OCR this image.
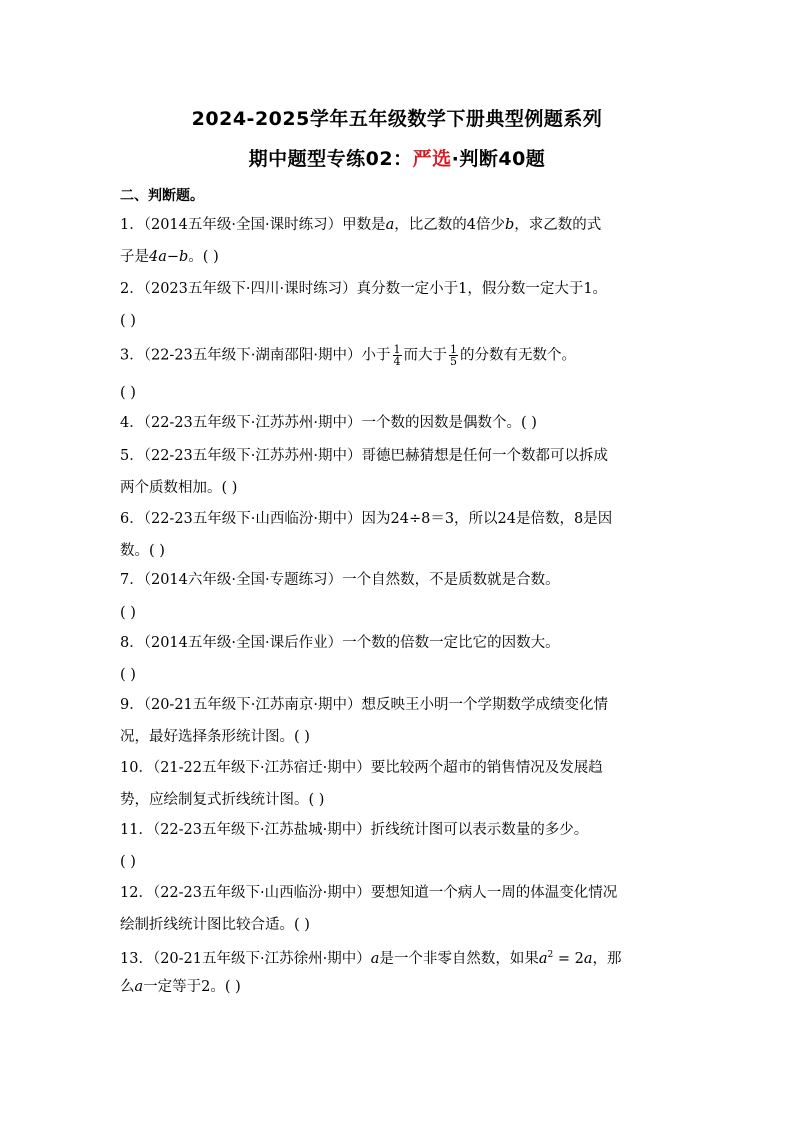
2024-2025学年五年级数学下册典型例题系列
期中题型专练02：严选·判断40题
二、判断题。
1．（2014五年级·全国·课时练习）甲数是a，比乙数的4倍少b，求乙数的式
子是4a−b。( )
2．（2023五年级下·四川·课时练习）真分数一定小于1，假分数一定大于1。
( )
3．（22-23五年级下·湖南邵阳·期中）小于 $\frac{1}{4}$ 而大于 $\frac{1}{5}$ 的分数有无数个。
( )
4．（22-23五年级下·江苏苏州·期中）一个数的因数是偶数个。( )
5．（22-23五年级下·江苏苏州·期中）哥德巴赫猜想是任何一个数都可以拆成
两个质数相加。( )
6．（22-23五年级下·山西临汾·期中）因为24÷8＝3，所以24是倍数，8是因
数。( )
7．（2014六年级·全国·专题练习）一个自然数，不是质数就是合数。
( )
8．（2014五年级·全国·课后作业）一个数的倍数一定比它的因数大。
( )
9．（20-21五年级下·江苏南京·期中）想反映王小明一个学期数学成绩变化情
况，最好选择条形统计图。( )
10．（21-22五年级下·江苏宿迁·期中）要比较两个超市的销售情况及发展趋
势，应绘制复式折线统计图。( )
11．（22-23五年级下·江苏盐城·期中）折线统计图可以表示数量的多少。
( )
12．（22-23五年级下·山西临汾·期中）要想知道一个病人一周的体温变化情况
绘制折线统计图比较合适。( )
13．（20-21五年级下·江苏徐州·期中）a是一个非零自然数，如果$a^2 = 2a$，那
么a一定等于2。( )
